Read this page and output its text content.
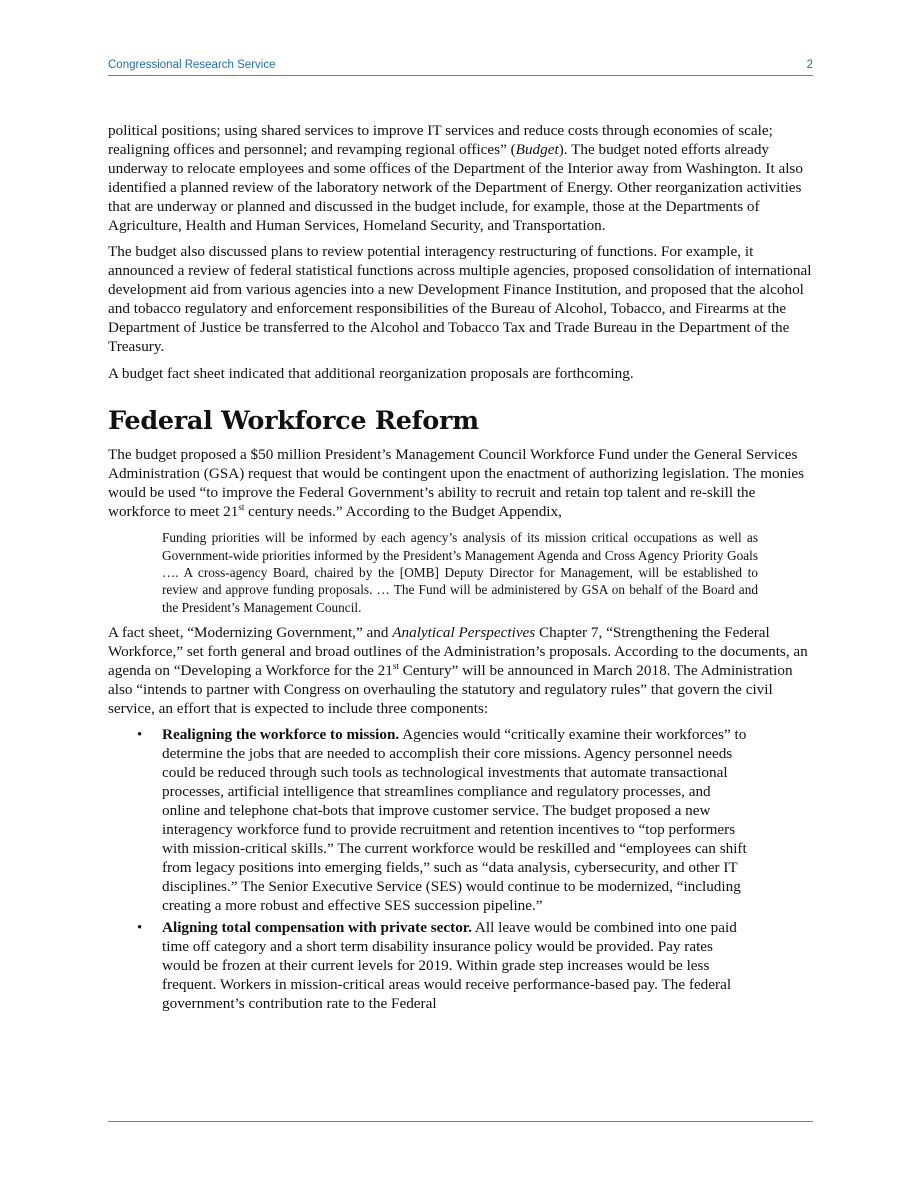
Congressional Research Service	2

political positions; using shared services to improve IT services and reduce costs through economies of scale; realigning offices and personnel; and revamping regional offices” (Budget). The budget noted efforts already underway to relocate employees and some offices of the Department of the Interior away from Washington. It also identified a planned review of the laboratory network of the Department of Energy. Other reorganization activities that are underway or planned and discussed in the budget include, for example, those at the Departments of Agriculture, Health and Human Services, Homeland Security, and Transportation.

The budget also discussed plans to review potential interagency restructuring of functions. For example, it announced a review of federal statistical functions across multiple agencies, proposed consolidation of international development aid from various agencies into a new Development Finance Institution, and proposed that the alcohol and tobacco regulatory and enforcement responsibilities of the Bureau of Alcohol, Tobacco, and Firearms at the Department of Justice be transferred to the Alcohol and Tobacco Tax and Trade Bureau in the Department of the Treasury.

A budget fact sheet indicated that additional reorganization proposals are forthcoming.

Federal Workforce Reform

The budget proposed a $50 million President’s Management Council Workforce Fund under the General Services Administration (GSA) request that would be contingent upon the enactment of authorizing legislation. The monies would be used “to improve the Federal Government’s ability to recruit and retain top talent and re-skill the workforce to meet 21st century needs.” According to the Budget Appendix,

Funding priorities will be informed by each agency’s analysis of its mission critical occupations as well as Government-wide priorities informed by the President’s Management Agenda and Cross Agency Priority Goals …. A cross-agency Board, chaired by the [OMB] Deputy Director for Management, will be established to review and approve funding proposals. … The Fund will be administered by GSA on behalf of the Board and the President’s Management Council.

A fact sheet, “Modernizing Government,” and Analytical Perspectives Chapter 7, “Strengthening the Federal Workforce,” set forth general and broad outlines of the Administration’s proposals. According to the documents, an agenda on “Developing a Workforce for the 21st Century” will be announced in March 2018. The Administration also “intends to partner with Congress on overhauling the statutory and regulatory rules” that govern the civil service, an effort that is expected to include three components:

• Realigning the workforce to mission. Agencies would “critically examine their workforces” to determine the jobs that are needed to accomplish their core missions. Agency personnel needs could be reduced through such tools as technological investments that automate transactional processes, artificial intelligence that streamlines compliance and regulatory processes, and online and telephone chat-bots that improve customer service. The budget proposed a new interagency workforce fund to provide recruitment and retention incentives to “top performers with mission-critical skills.” The current workforce would be reskilled and “employees can shift from legacy positions into emerging fields,” such as “data analysis, cybersecurity, and other IT disciplines.” The Senior Executive Service (SES) would continue to be modernized, “including creating a more robust and effective SES succession pipeline.”
• Aligning total compensation with private sector. All leave would be combined into one paid time off category and a short term disability insurance policy would be provided. Pay rates would be frozen at their current levels for 2019. Within grade step increases would be less frequent. Workers in mission-critical areas would receive performance-based pay. The federal government’s contribution rate to the Federal
